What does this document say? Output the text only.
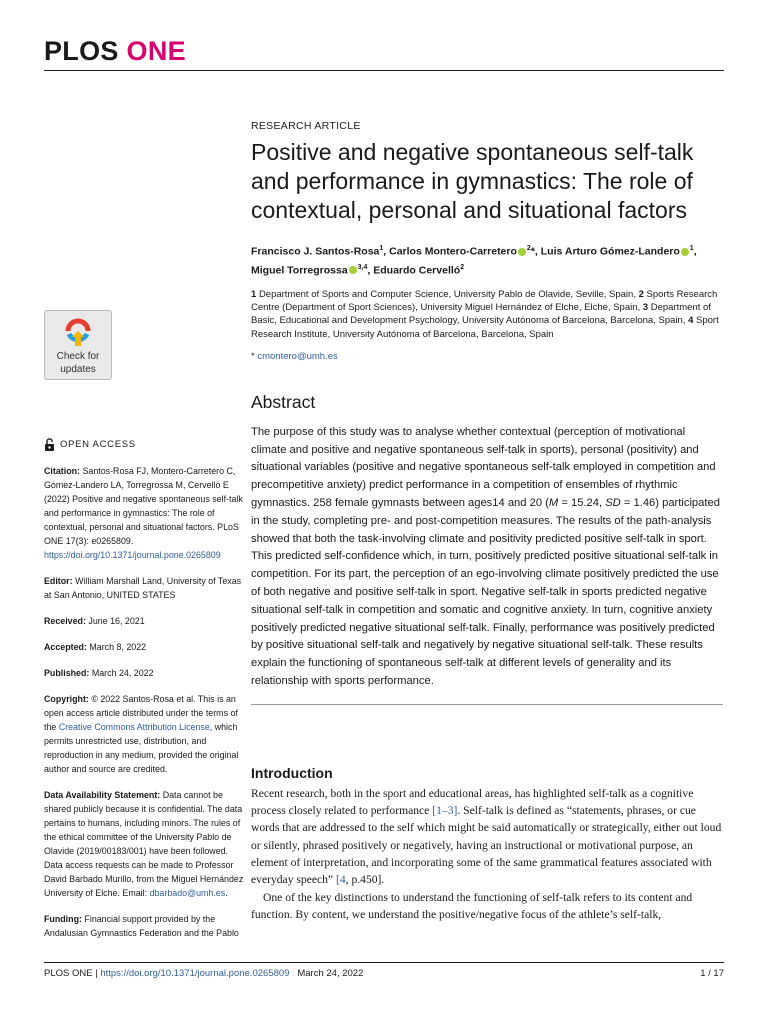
PLOS ONE
Check for
updates
OPEN ACCESS
Citation: Santos-Rosa FJ, Montero-Carretero C, Gómez-Landero LA, Torregrossa M, Cervelló E (2022) Positive and negative spontaneous self-talk and performance in gymnastics: The role of contextual, personal and situational factors. PLoS ONE 17(3): e0265809. https://doi.org/10.1371/journal.pone.0265809
Editor: William Marshall Land, University of Texas at San Antonio, UNITED STATES
Received: June 16, 2021
Accepted: March 8, 2022
Published: March 24, 2022
Copyright: © 2022 Santos-Rosa et al. This is an open access article distributed under the terms of the Creative Commons Attribution License, which permits unrestricted use, distribution, and reproduction in any medium, provided the original author and source are credited.
Data Availability Statement: Data cannot be shared publicly because it is confidential. The data pertains to humans, including minors. The rules of the ethical committee of the University Pablo de Olavide (2019/00183/001) have been followed. Data access requests can be made to Professor David Barbado Murillo, from the Miguel Hernández University of Elche. Email: dbarbado@umh.es.
Funding: Financial support provided by the Andalusian Gymnastics Federation and the Pablo
RESEARCH ARTICLE
Positive and negative spontaneous self-talk and performance in gymnastics: The role of contextual, personal and situational factors
Francisco J. Santos-Rosa$^1$, Carlos Montero-Carretero $^2$*, Luis Arturo Gómez-Landero $^1$, Miguel Torregrossa $^{3,4}$, Eduardo Cervelló$^2$
1 Department of Sports and Computer Science, University Pablo de Olavide, Seville, Spain, 2 Sports Research Centre (Department of Sport Sciences), University Miguel Hernández of Elche, Elche, Spain, 3 Department of Basic, Educational and Development Psychology, University Autónoma of Barcelona, Barcelona, Spain, 4 Sport Research Institute, University Autónoma of Barcelona, Barcelona, Spain
* cmontero@umh.es
Abstract
The purpose of this study was to analyse whether contextual (perception of motivational climate and positive and negative spontaneous self-talk in sports), personal (positivity) and situational variables (positive and negative spontaneous self-talk employed in competition and precompetitive anxiety) predict performance in a competition of ensembles of rhythmic gymnastics. 258 female gymnasts between ages14 and 20 (M = 15.24, SD = 1.46) participated in the study, completing pre- and post-competition measures. The results of the path-analysis showed that both the task-involving climate and positivity predicted positive self-talk in sport. This predicted self-confidence which, in turn, positively predicted positive situational self-talk in competition. For its part, the perception of an ego-involving climate positively predicted the use of both negative and positive self-talk in sport. Negative self-talk in sports predicted negative situational self-talk in competition and somatic and cognitive anxiety. In turn, cognitive anxiety positively predicted negative situational self-talk. Finally, performance was positively predicted by positive situational self-talk and negatively by negative situational self-talk. These results explain the functioning of spontaneous self-talk at different levels of generality and its relationship with sports performance.
Introduction

Recent research, both in the sport and educational areas, has highlighted self-talk as a cognitive process closely related to performance [1–3]. Self-talk is defined as “statements, phrases, or cue words that are addressed to the self which might be said automatically or strategically, either out loud or silently, phrased positively or negatively, having an instructional or motivational purpose, an element of interpretation, and incorporating some of the same grammatical features associated with everyday speech” [4, p.450].

One of the key distinctions to understand the functioning of self-talk refers to its content and function. By content, we understand the positive/negative focus of the athlete’s self-talk,

PLOS ONE | https://doi.org/10.1371/journal.pone.0265809 March 24, 2022	1 / 17
